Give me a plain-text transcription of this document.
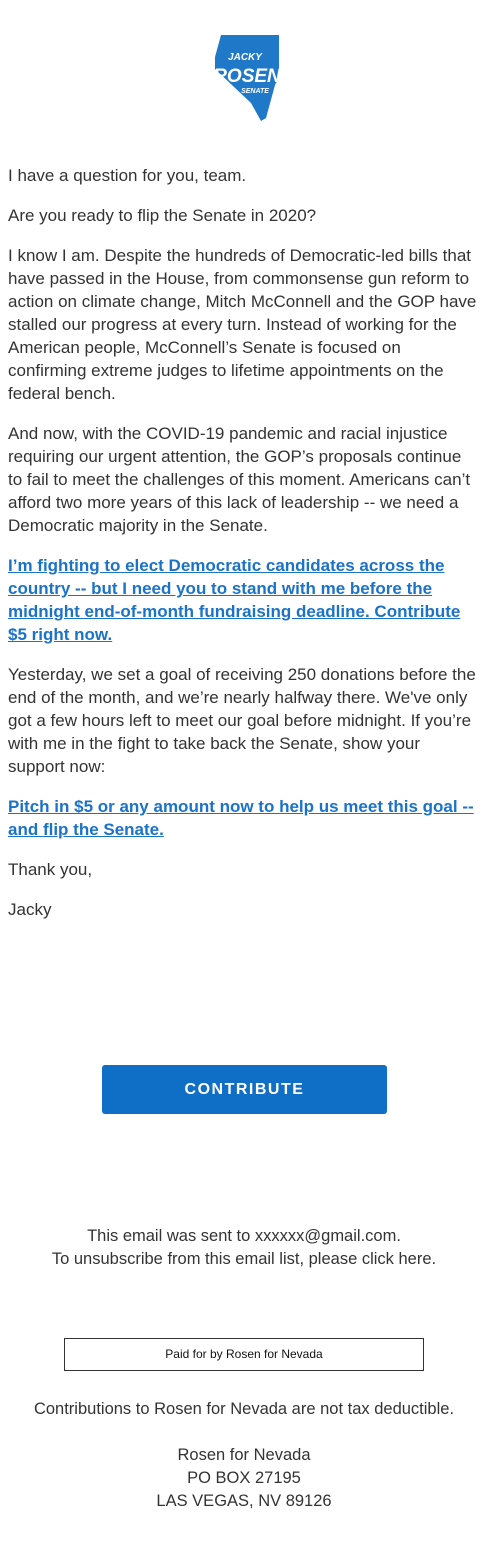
JACKY
ROSEN
SENATE

I have a question for you, team.

Are you ready to flip the Senate in 2020?

I know I am. Despite the hundreds of Democratic-led bills that have passed in the House, from commonsense gun reform to action on climate change, Mitch McConnell and the GOP have stalled our progress at every turn. Instead of working for the American people, McConnell’s Senate is focused on confirming extreme judges to lifetime appointments on the federal bench.

And now, with the COVID-19 pandemic and racial injustice requiring our urgent attention, the GOP’s proposals continue to fail to meet the challenges of this moment. Americans can’t afford two more years of this lack of leadership -- we need a Democratic majority in the Senate.

I’m fighting to elect Democratic candidates across the country -- but I need you to stand with me before the midnight end-of-month fundraising deadline. Contribute $5 right now.

Yesterday, we set a goal of receiving 250 donations before the end of the month, and we’re nearly halfway there. We've only got a few hours left to meet our goal before midnight. If you’re with me in the fight to take back the Senate, show your support now:

Pitch in $5 or any amount now to help us meet this goal -- and flip the Senate.

Thank you,

Jacky

CONTRIBUTE
This email was sent to xxxxxx@gmail.com.
To unsubscribe from this email list, please click here.
Paid for by Rosen for Nevada
Contributions to Rosen for Nevada are not tax deductible.
Rosen for Nevada
PO BOX 27195
LAS VEGAS, NV 89126
